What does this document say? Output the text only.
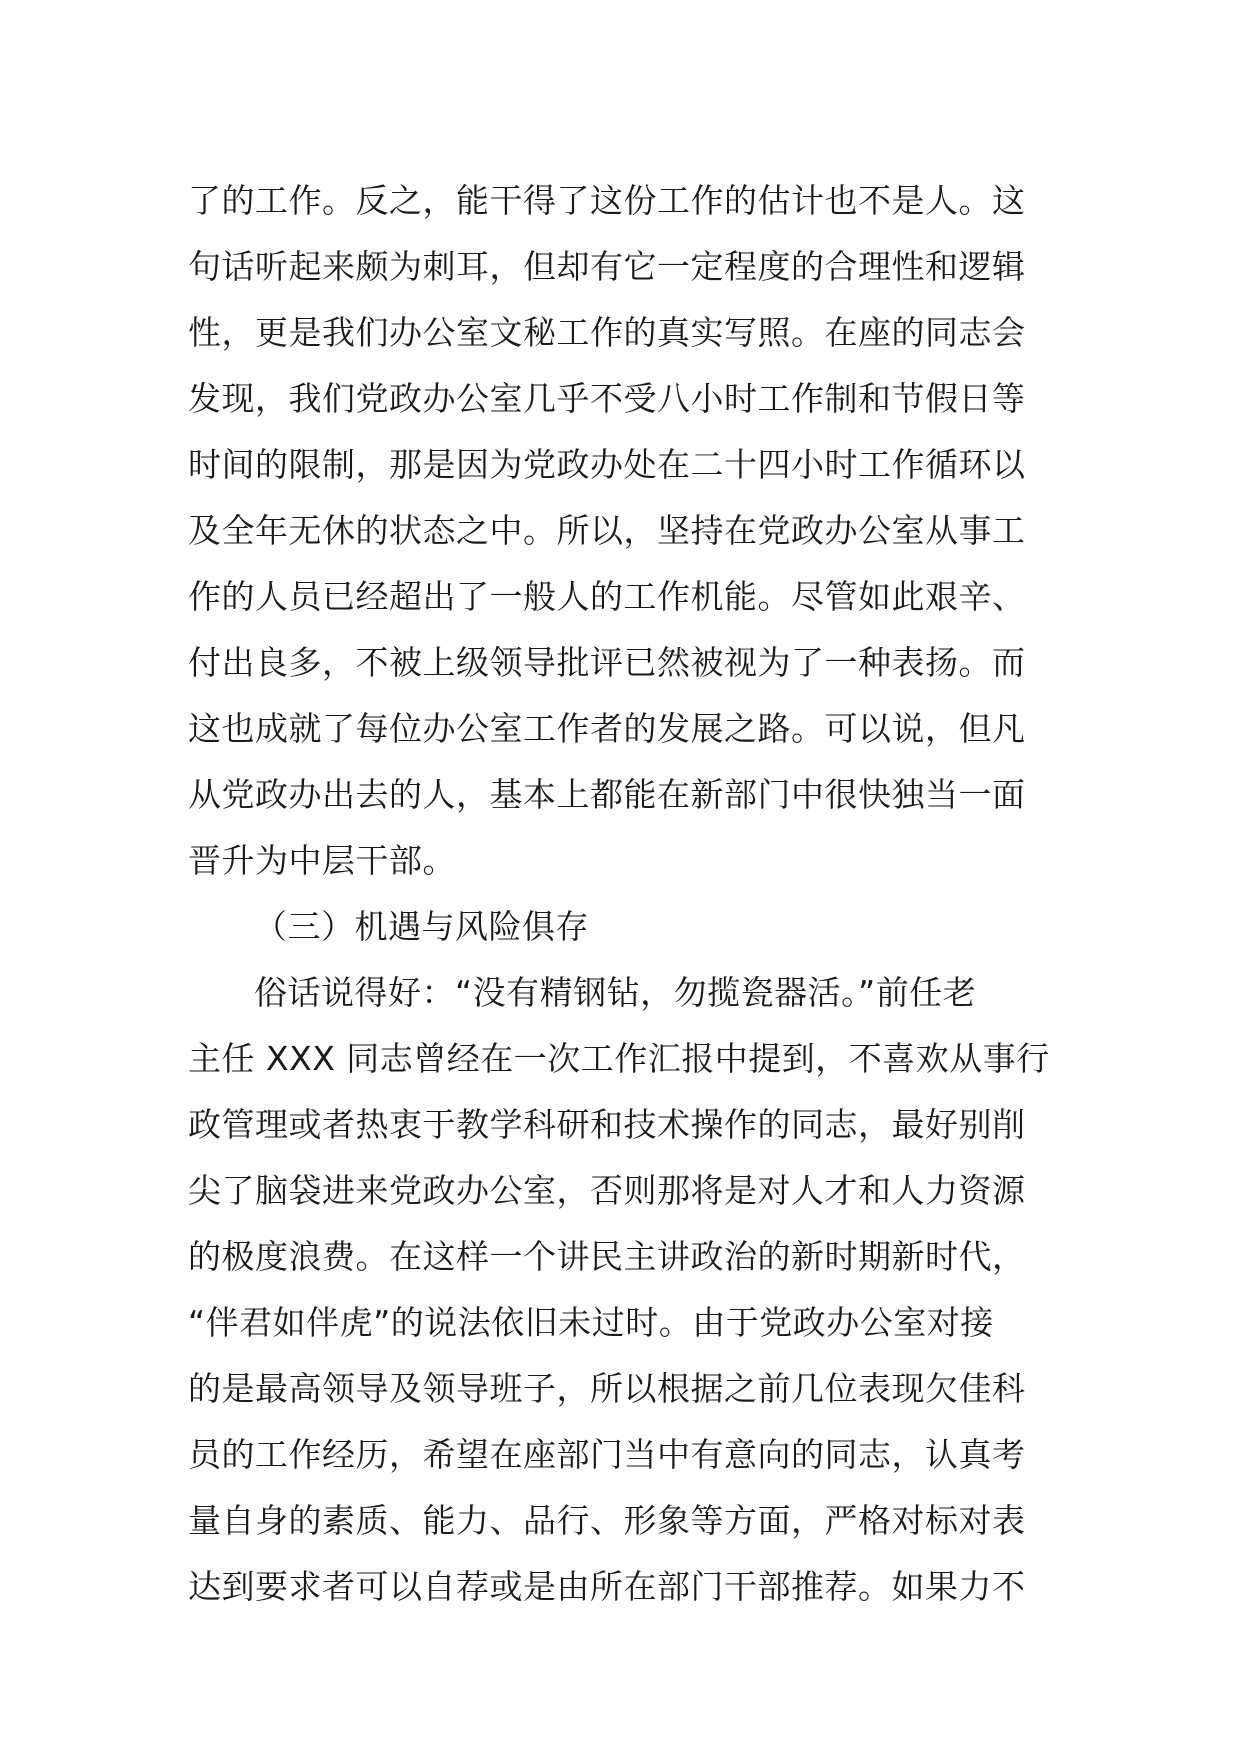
了的工作。反之，能干得了这份工作的估计也不是人。这
句话听起来颇为刺耳，但却有它一定程度的合理性和逻辑
性，更是我们办公室文秘工作的真实写照。在座的同志会
发现，我们党政办公室几乎不受八小时工作制和节假日等
时间的限制，那是因为党政办处在二十四小时工作循环以
及全年无休的状态之中。所以，坚持在党政办公室从事工
作的人员已经超出了一般人的工作机能。尽管如此艰辛、
付出良多，不被上级领导批评已然被视为了一种表扬。而
这也成就了每位办公室工作者的发展之路。可以说，但凡
从党政办出去的人，基本上都能在新部门中很快独当一面
晋升为中层干部。
（三）机遇与风险俱存
俗话说得好：“没有精钢钻，勿揽瓷器活。”前任老
主任 XXX 同志曾经在一次工作汇报中提到，不喜欢从事行
政管理或者热衷于教学科研和技术操作的同志，最好别削
尖了脑袋进来党政办公室，否则那将是对人才和人力资源
的极度浪费。在这样一个讲民主讲政治的新时期新时代，
“伴君如伴虎”的说法依旧未过时。由于党政办公室对接
的是最高领导及领导班子，所以根据之前几位表现欠佳科
员的工作经历，希望在座部门当中有意向的同志，认真考
量自身的素质、能力、品行、形象等方面，严格对标对表
达到要求者可以自荐或是由所在部门干部推荐。如果力不
